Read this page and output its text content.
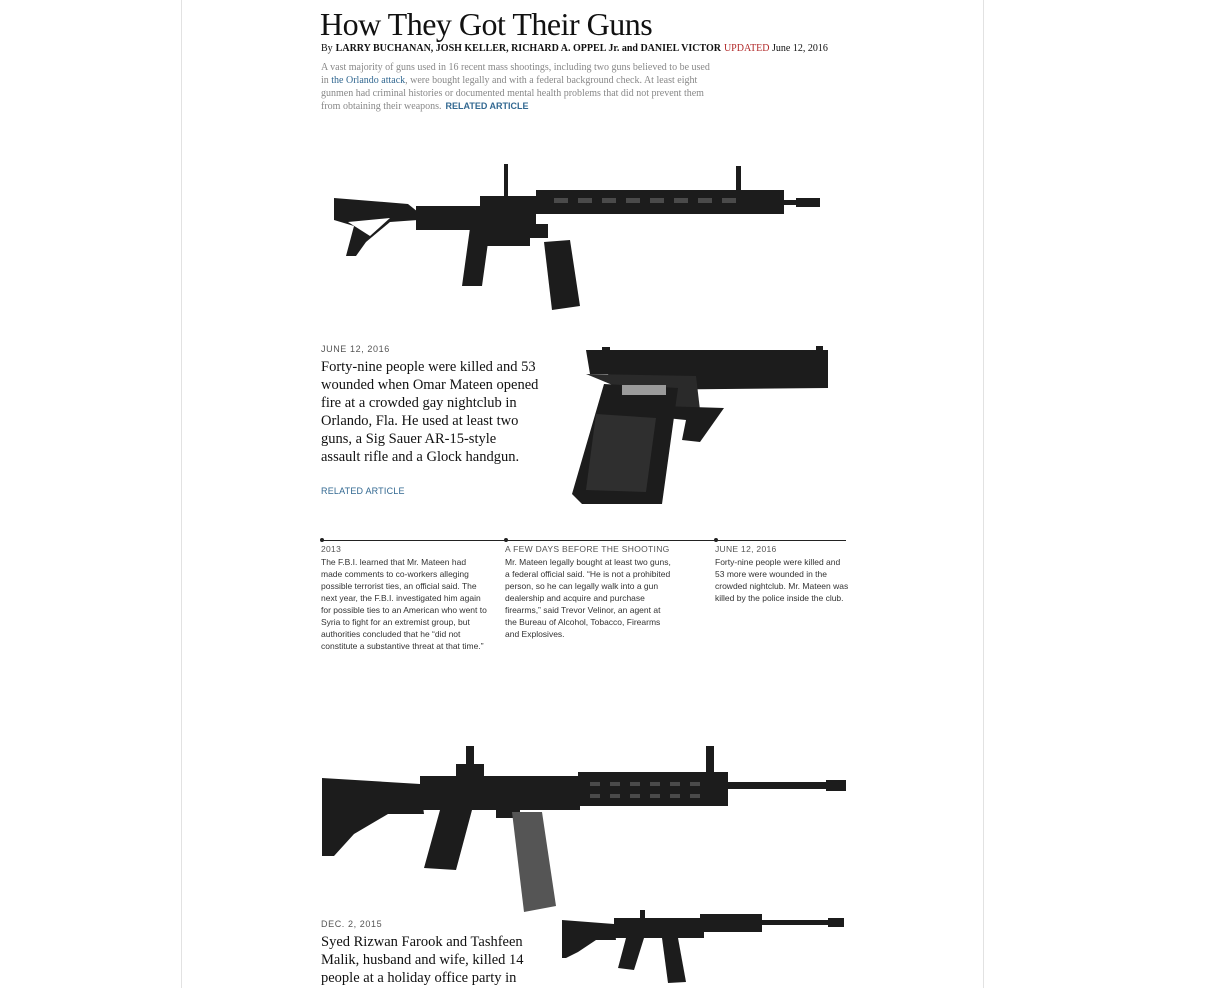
How They Got Their Guns
By LARRY BUCHANAN, JOSH KELLER, RICHARD A. OPPEL Jr. and DANIEL VICTOR UPDATED June 12, 2016
A vast majority of guns used in 16 recent mass shootings, including two guns believed to be used in the Orlando attack, were bought legally and with a federal background check. At least eight gunmen had criminal histories or documented mental health problems that did not prevent them from obtaining their weapons. RELATED ARTICLE
JUNE 12, 2016
Forty-nine people were killed and 53 wounded when Omar Mateen opened fire at a crowded gay nightclub in Orlando, Fla. He used at least two guns, a Sig Sauer AR-15-style assault rifle and a Glock handgun.
RELATED ARTICLE
2013
The F.B.I. learned that Mr. Mateen had made comments to co-workers alleging possible terrorist ties, an official said. The next year, the F.B.I. investigated him again for possible ties to an American who went to Syria to fight for an extremist group, but authorities concluded that he “did not constitute a substantive threat at that time.”
A FEW DAYS BEFORE THE SHOOTING
Mr. Mateen legally bought at least two guns, a federal official said. “He is not a prohibited person, so he can legally walk into a gun dealership and acquire and purchase firearms,” said Trevor Velinor, an agent at the Bureau of Alcohol, Tobacco, Firearms and Explosives.
JUNE 12, 2016
Forty-nine people were killed and 53 more were wounded in the crowded nightclub. Mr. Mateen was killed by the police inside the club.
DEC. 2, 2015
Syed Rizwan Farook and Tashfeen Malik, husband and wife, killed 14 people at a holiday office party in
